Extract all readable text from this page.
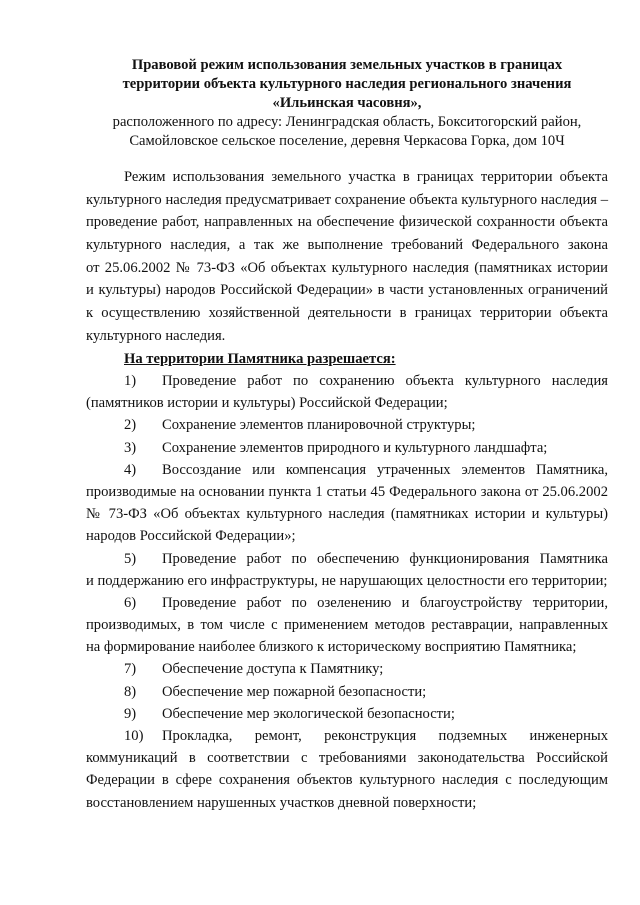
Правовой режим использования земельных участков в границах
территории объекта культурного наследия регионального значения
«Ильинская часовня»,
расположенного по адресу: Ленинградская область, Бокситогорский район,
Самойловское сельское поселение, деревня Черкасова Горка, дом 10Ч
Режим использования земельного участка в границах территории объекта
культурного наследия предусматривает сохранение объекта культурного наследия –
проведение работ, направленных на обеспечение физической сохранности объекта
культурного наследия, а так же выполнение требований Федерального закона
от 25.06.2002 № 73-ФЗ «Об объектах культурного наследия (памятниках истории
и культуры) народов Российской Федерации» в части установленных ограничений
к осуществлению хозяйственной деятельности в границах территории объекта
культурного наследия.
На территории Памятника разрешается:
1)	Проведение работ по сохранению объекта культурного наследия
(памятников истории и культуры) Российской Федерации;
2)	Сохранение элементов планировочной структуры;
3)	Сохранение элементов природного и культурного ландшафта;
4)	Воссоздание или компенсация утраченных элементов Памятника,
производимые на основании пункта 1 статьи 45 Федерального закона от 25.06.2002
№ 73-ФЗ «Об объектах культурного наследия (памятниках истории и культуры)
народов Российской Федерации»;
5)	Проведение работ по обеспечению функционирования Памятника
и поддержанию его инфраструктуры, не нарушающих целостности его территории;
6)	Проведение работ по озеленению и благоустройству территории,
производимых, в том числе с применением методов реставрации, направленных
на формирование наиболее близкого к историческому восприятию Памятника;
7)	Обеспечение доступа к Памятнику;
8)	Обеспечение мер пожарной безопасности;
9)	Обеспечение мер экологической безопасности;
10)	Прокладка, ремонт, реконструкция подземных инженерных
коммуникаций в соответствии с требованиями законодательства Российской
Федерации в сфере сохранения объектов культурного наследия с последующим
восстановлением нарушенных участков дневной поверхности;
